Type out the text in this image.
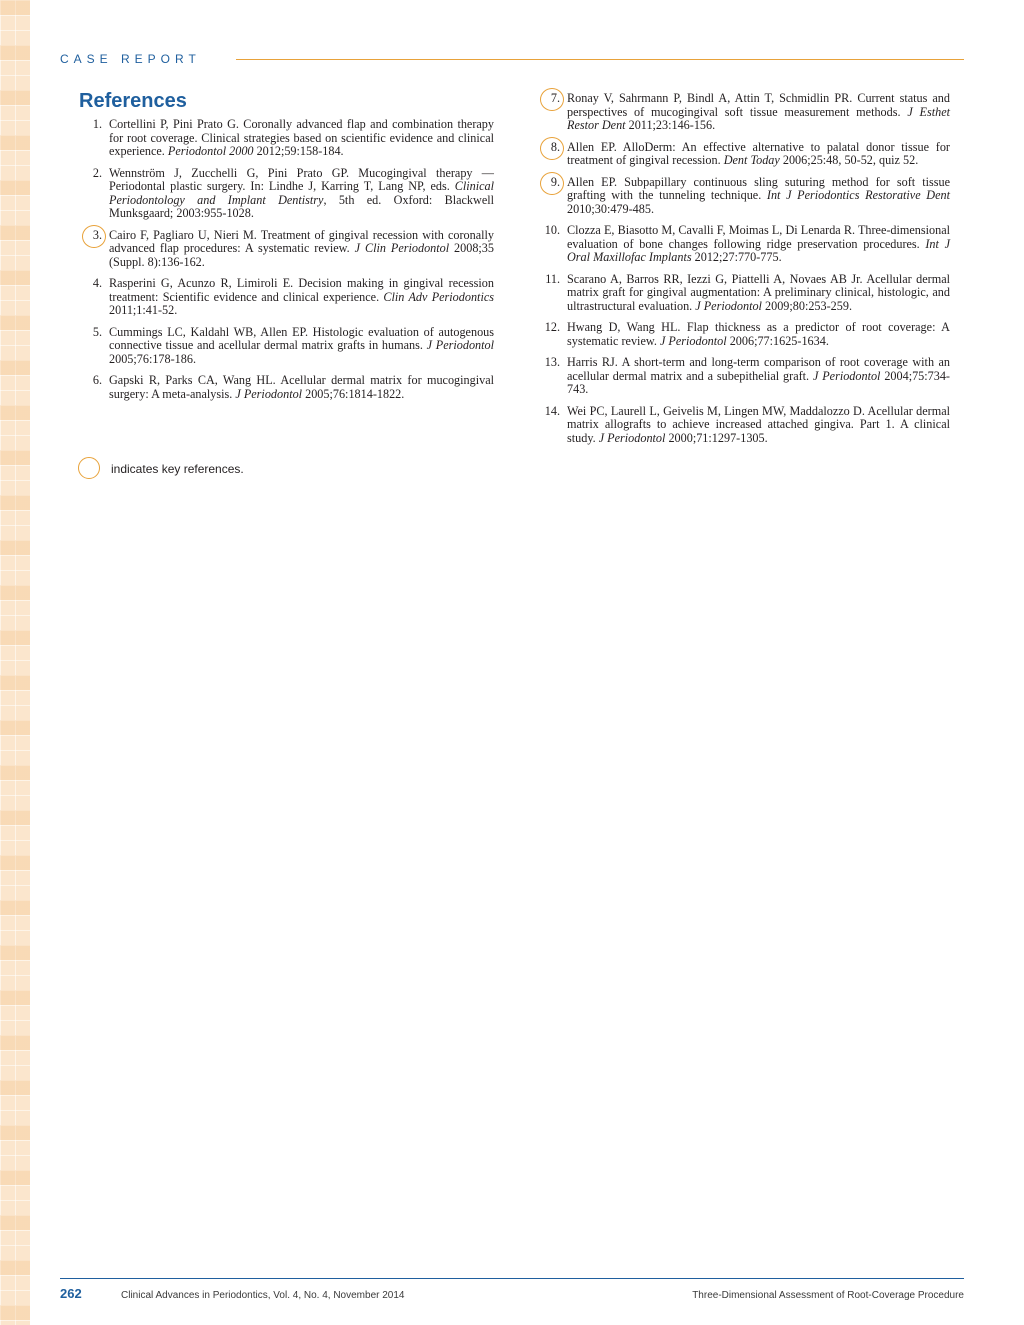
CASE REPORT
References
1. Cortellini P, Pini Prato G. Coronally advanced flap and combination therapy for root coverage. Clinical strategies based on scientific evidence and clinical experience. Periodontol 2000 2012;59:158-184.
2. Wennström J, Zucchelli G, Pini Prato GP. Mucogingival therapy — Periodontal plastic surgery. In: Lindhe J, Karring T, Lang NP, eds. Clinical Periodontology and Implant Dentistry, 5th ed. Oxford: Blackwell Munksgaard; 2003:955-1028.
3. Cairo F, Pagliaro U, Nieri M. Treatment of gingival recession with coronally advanced flap procedures: A systematic review. J Clin Periodontol 2008;35 (Suppl. 8):136-162.
4. Rasperini G, Acunzo R, Limiroli E. Decision making in gingival recession treatment: Scientific evidence and clinical experience. Clin Adv Periodontics 2011;1:41-52.
5. Cummings LC, Kaldahl WB, Allen EP. Histologic evaluation of autogenous connective tissue and acellular dermal matrix grafts in humans. J Periodontol 2005;76:178-186.
6. Gapski R, Parks CA, Wang HL. Acellular dermal matrix for mucogingival surgery: A meta-analysis. J Periodontol 2005;76:1814-1822.
7. Ronay V, Sahrmann P, Bindl A, Attin T, Schmidlin PR. Current status and perspectives of mucogingival soft tissue measurement methods. J Esthet Restor Dent 2011;23:146-156.
8. Allen EP. AlloDerm: An effective alternative to palatal donor tissue for treatment of gingival recession. Dent Today 2006;25:48, 50-52, quiz 52.
9. Allen EP. Subpapillary continuous sling suturing method for soft tissue grafting with the tunneling technique. Int J Periodontics Restorative Dent 2010;30:479-485.
10. Clozza E, Biasotto M, Cavalli F, Moimas L, Di Lenarda R. Three-dimensional evaluation of bone changes following ridge preservation procedures. Int J Oral Maxillofac Implants 2012;27:770-775.
11. Scarano A, Barros RR, Iezzi G, Piattelli A, Novaes AB Jr. Acellular dermal matrix graft for gingival augmentation: A preliminary clinical, histologic, and ultrastructural evaluation. J Periodontol 2009;80:253-259.
12. Hwang D, Wang HL. Flap thickness as a predictor of root coverage: A systematic review. J Periodontol 2006;77:1625-1634.
13. Harris RJ. A short-term and long-term comparison of root coverage with an acellular dermal matrix and a subepithelial graft. J Periodontol 2004;75:734-743.
14. Wei PC, Laurell L, Geivelis M, Lingen MW, Maddalozzo D. Acellular dermal matrix allografts to achieve increased attached gingiva. Part 1. A clinical study. J Periodontol 2000;71:1297-1305.
indicates key references.
262	Clinical Advances in Periodontics, Vol. 4, No. 4, November 2014	Three-Dimensional Assessment of Root-Coverage Procedure
